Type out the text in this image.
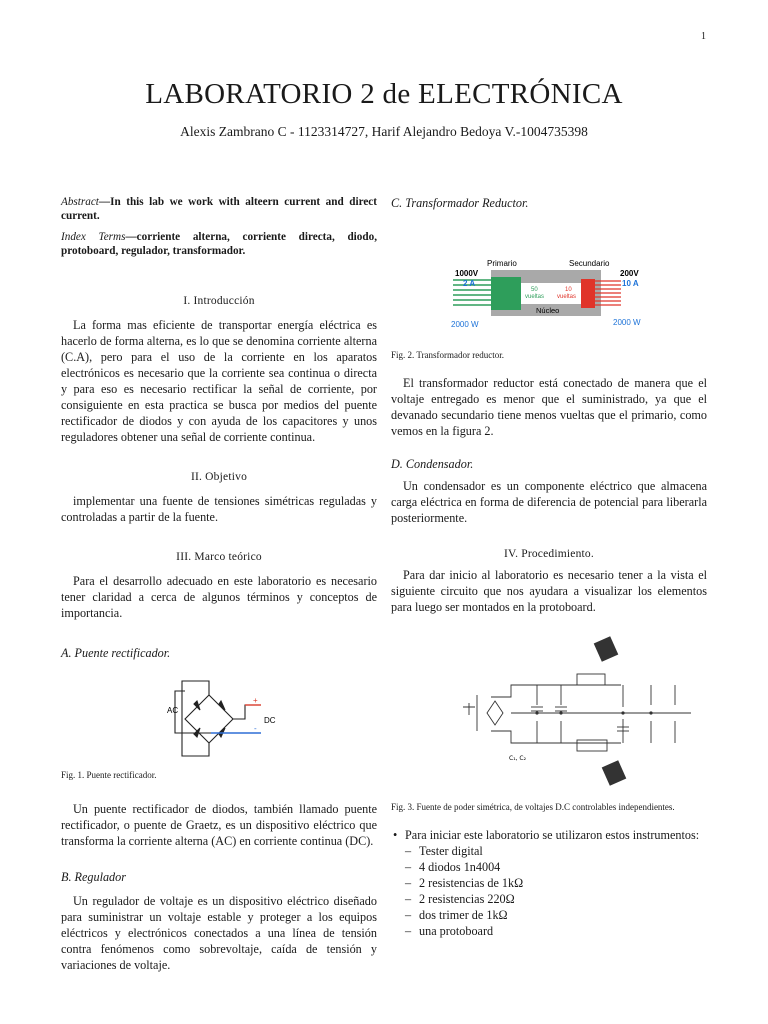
1
LABORATORIO 2 de ELECTRÓNICA
Alexis Zambrano C - 1123314727, Harif Alejandro Bedoya V.-1004735398

Abstract—In this lab we work with alteern current and direct current.

Index Terms—corriente alterna, corriente directa, diodo, protoboard, regulador, transformador.

I. Introducción

La forma mas eficiente de transportar energía eléctrica es hacerlo de forma alterna, es lo que se denomina corriente alterna (C.A), pero para el uso de la corriente en los aparatos electrónicos es necesario que la corriente sea continua o directa y para eso es necesario rectificar la señal de corriente, por consiguiente en esta practica se busca por medios del puente rectificador de diodos y con ayuda de los capacitores y unos reguladores obtener una señal de corriente continua.

II. Objetivo

implementar una fuente de tensiones simétricas reguladas y controladas a partir de la fuente.

III. Marco teórico

Para el desarrollo adecuado en este laboratorio es necesario tener claridad a cerca de algunos términos y conceptos de importancia.

A. Puente rectificador.
AC
DC
+
-
Fig. 1. Puente rectificador.

Un puente rectificador de diodos, también llamado puente rectificador, o puente de Graetz, es un dispositivo eléctrico que transforma la corriente alterna (AC) en corriente continua (DC).

B. Regulador

Un regulador de voltaje es un dispositivo eléctrico diseñado para suministrar un voltaje estable y proteger a los equipos eléctricos y electrónicos conectados a una línea de tensión contra fenómenos como sobrevoltaje, caída de tensión y variaciones de voltaje.

C. Transformador Reductor.
Primario	Secundario
1000V
2 A
200V
10 A
50
vueltas
10
vueltas
Núcleo
2000 W	2000 W
Fig. 2. Transformador reductor.

El transformador reductor está conectado de manera que el voltaje entregado es menor que el suministrado, ya que el devanado secundario tiene menos vueltas que el primario, como vemos en la figura 2.

D. Condensador.

Un condensador es un componente eléctrico que almacena carga eléctrica en forma de diferencia de potencial para liberarla posteriormente.

IV. Procedimiento.

Para dar inicio al laboratorio es necesario tener a la vista el siguiente circuito que nos ayudara a visualizar los elementos para luego ser montados en la protoboard.

C₁, C₂
Fig. 3. Fuente de poder simétrica, de voltajes D.C controlables independientes.
• Para iniciar este laboratorio se utilizaron estos instrumentos:
– Tester digital
– 4 diodos 1n4004
– 2 resistencias de 1kΩ
– 2 resistencias 220Ω
– dos trimer de 1kΩ
– una protoboard
